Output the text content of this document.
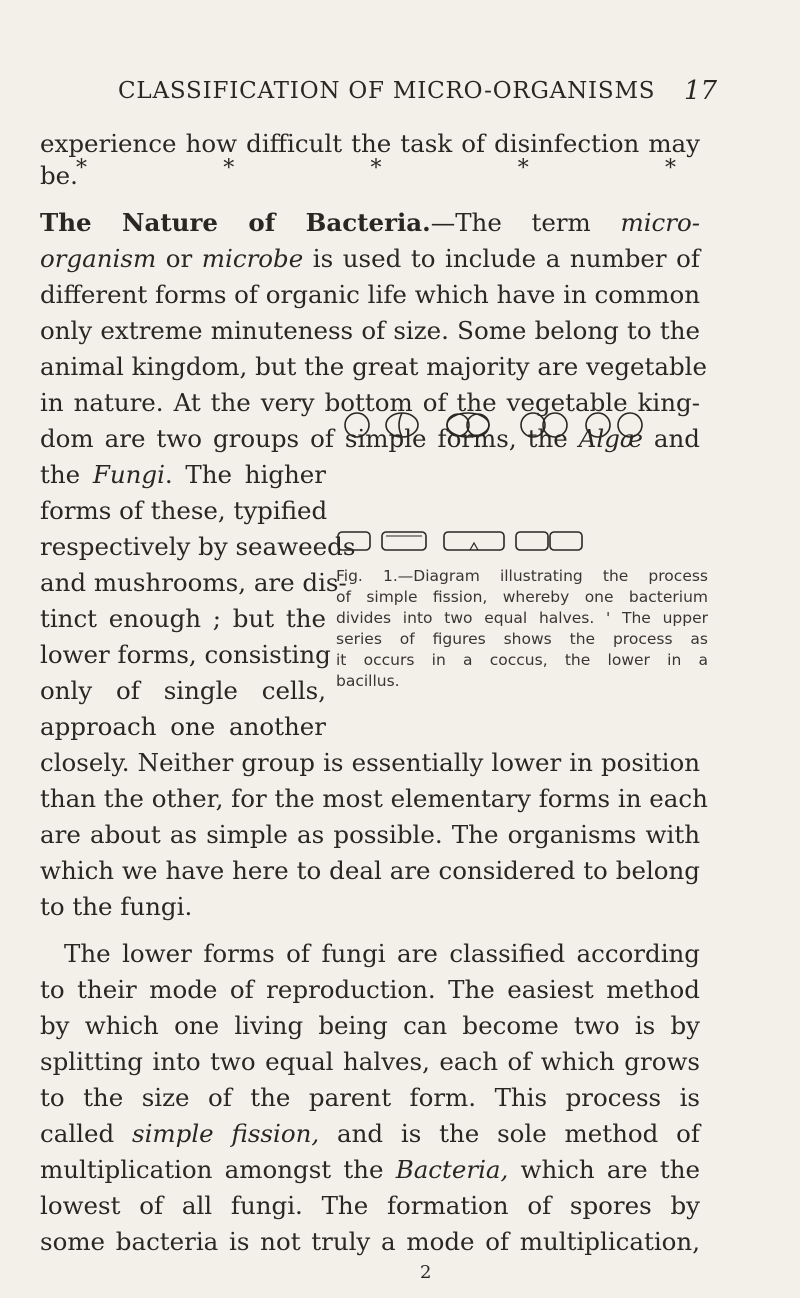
CLASSIFICATION OF MICRO-ORGANISMS 17
experience how difficult the task of disinfection may
be.
*	*	*	*	*
The Nature of Bacteria.—The term micro-
organism or microbe is used to include a number of
different forms of organic life which have in common
only extreme minuteness of size. Some belong to the
animal kingdom, but the great majority are vegetable
in nature. At the very bottom of the vegetable king-
dom are two groups of simple forms, the Algæ and
the Fungi. The higher
forms of these, typified
respectively by seaweeds
and mushrooms, are dis-
tinct enough ; but the
lower forms, consisting
only of single cells,
approach one another
closely. Neither group is essentially lower in position
than the other, for the most elementary forms in each
are about as simple as possible. The organisms with
which we have here to deal are considered to belong
to the fungi.
Fig. 1.—Diagram illustrating the process
of simple fission, whereby one bacterium
divides into two equal halves. ' The upper
series of figures shows the process as
it occurs in a coccus, the lower in a
bacillus.
The lower forms of fungi are classified according
to their mode of reproduction. The easiest method
by which one living being can become two is by
splitting into two equal halves, each of which grows
to the size of the parent form. This process is
called simple fission, and is the sole method of
multiplication amongst the Bacteria, which are the
lowest of all fungi. The formation of spores by
some bacteria is not truly a mode of multiplication,
2
